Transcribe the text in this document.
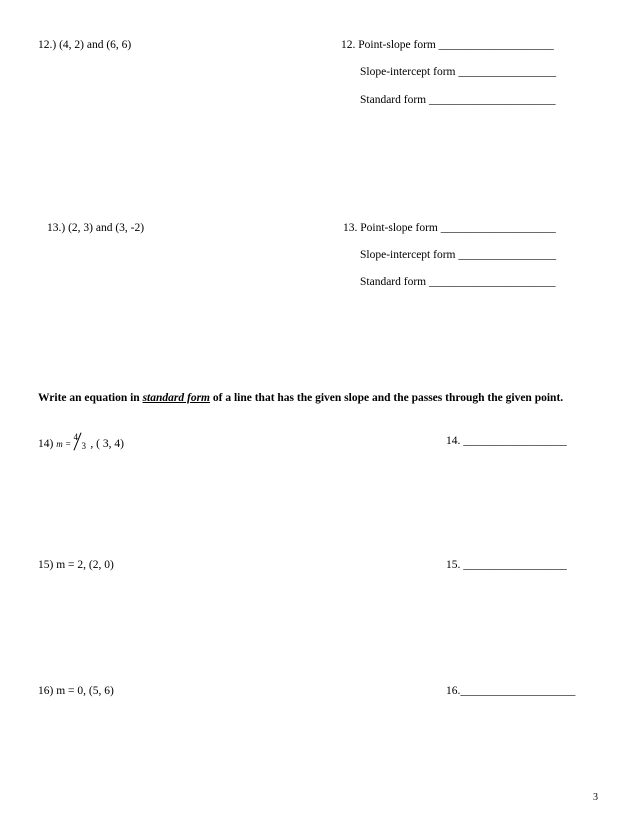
12.) (4, 2) and (6, 6)	12. Point-slope form ____________________
Slope-intercept form _________________
Standard form ______________________
13.) (2, 3) and (3, -2)	13. Point-slope form ____________________
Slope-intercept form _________________
Standard form ______________________
Write an equation in standard form of a line that has the given slope and the passes through the given point.
14) m =
4
3 , ( 3, 4)	14. __________________
15) m = 2, (2, 0)	15. __________________
16) m = 0, (5, 6)	16.____________________
3
